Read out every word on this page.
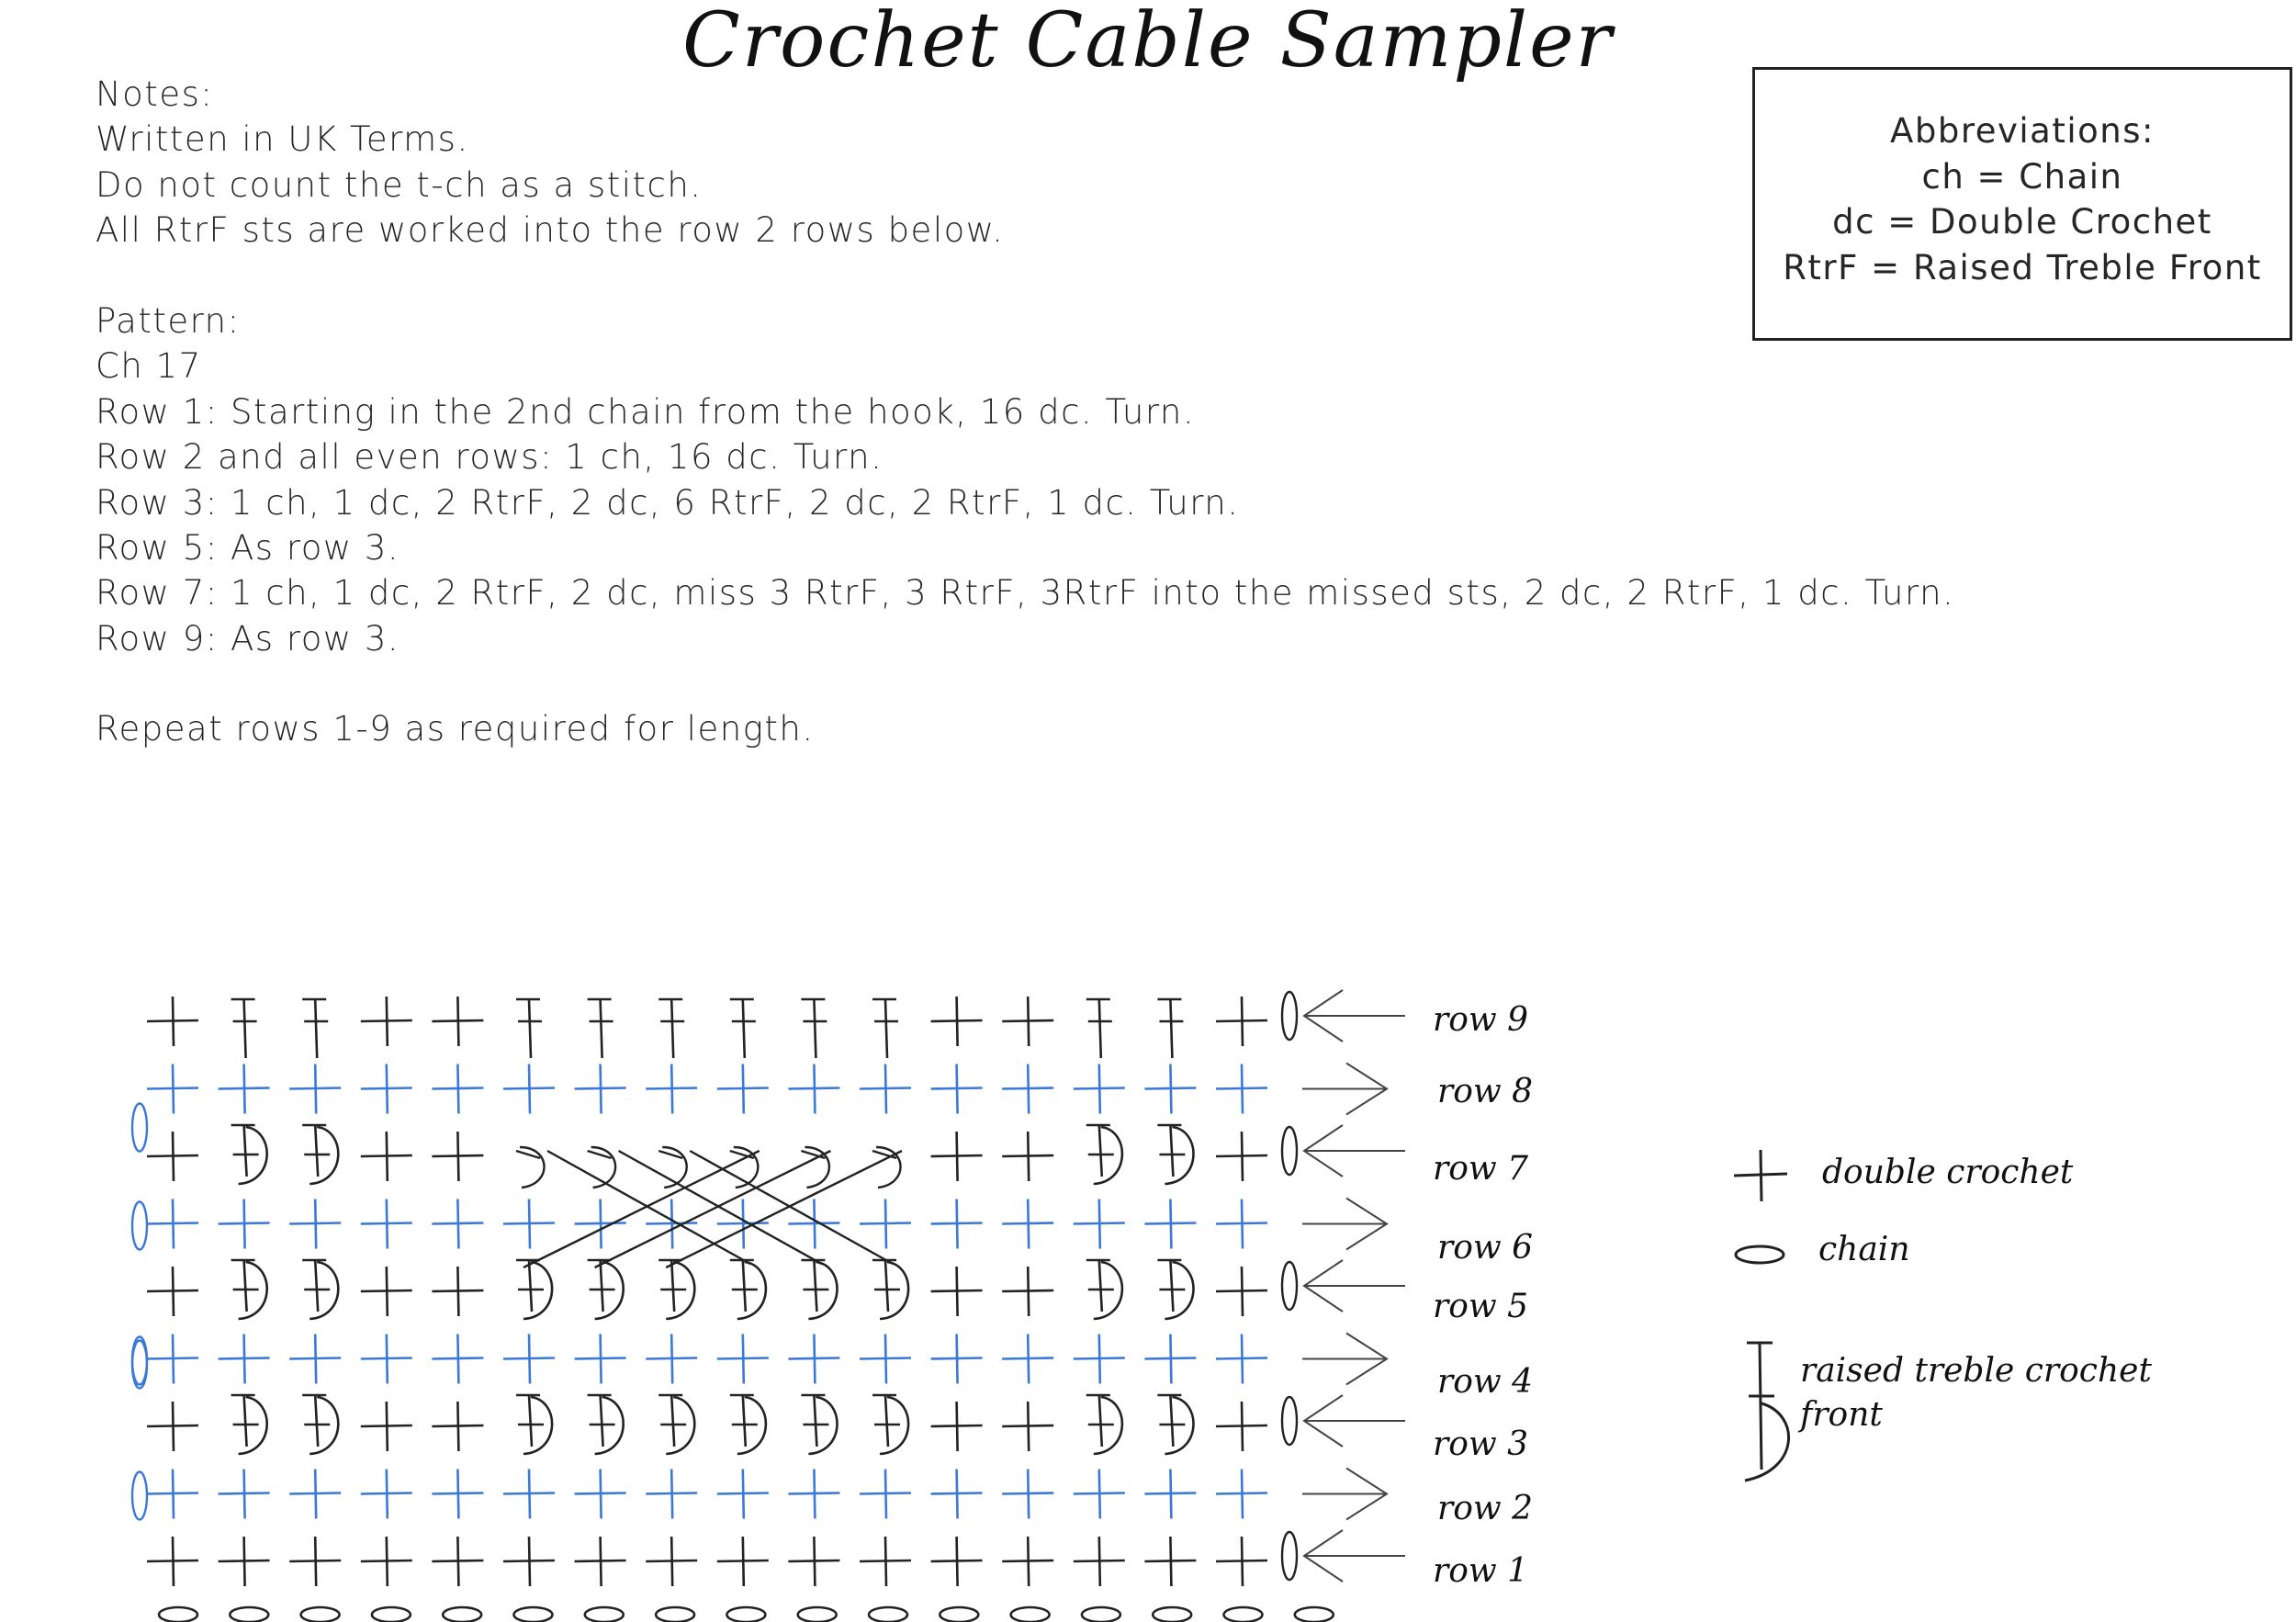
Crochet Cable Sampler
Notes:
Written in UK Terms.
Do not count the t-ch as a stitch.
All RtrF sts are worked into the row 2 rows below.
Pattern:
Ch 17
Row 1: Starting in the 2nd chain from the hook, 16 dc. Turn.
Row 2 and all even rows: 1 ch, 16 dc. Turn.
Row 3: 1 ch, 1 dc, 2 RtrF, 2 dc, 6 RtrF, 2 dc, 2 RtrF, 1 dc. Turn.
Row 5: As row 3.
Row 7: 1 ch, 1 dc, 2 RtrF, 2 dc, miss 3 RtrF, 3 RtrF, 3RtrF into the missed sts, 2 dc, 2 RtrF, 1 dc. Turn.
Row 9: As row 3.
Repeat rows 1-9 as required for length.
Abbreviations:
ch = Chain
dc = Double Crochet
RtrF = Raised Treble Front
row 1
row 2
row 3
row 4
row 5
row 6
row 7
row 8
row 9
double crochet
chain
raised treble crochet
front
